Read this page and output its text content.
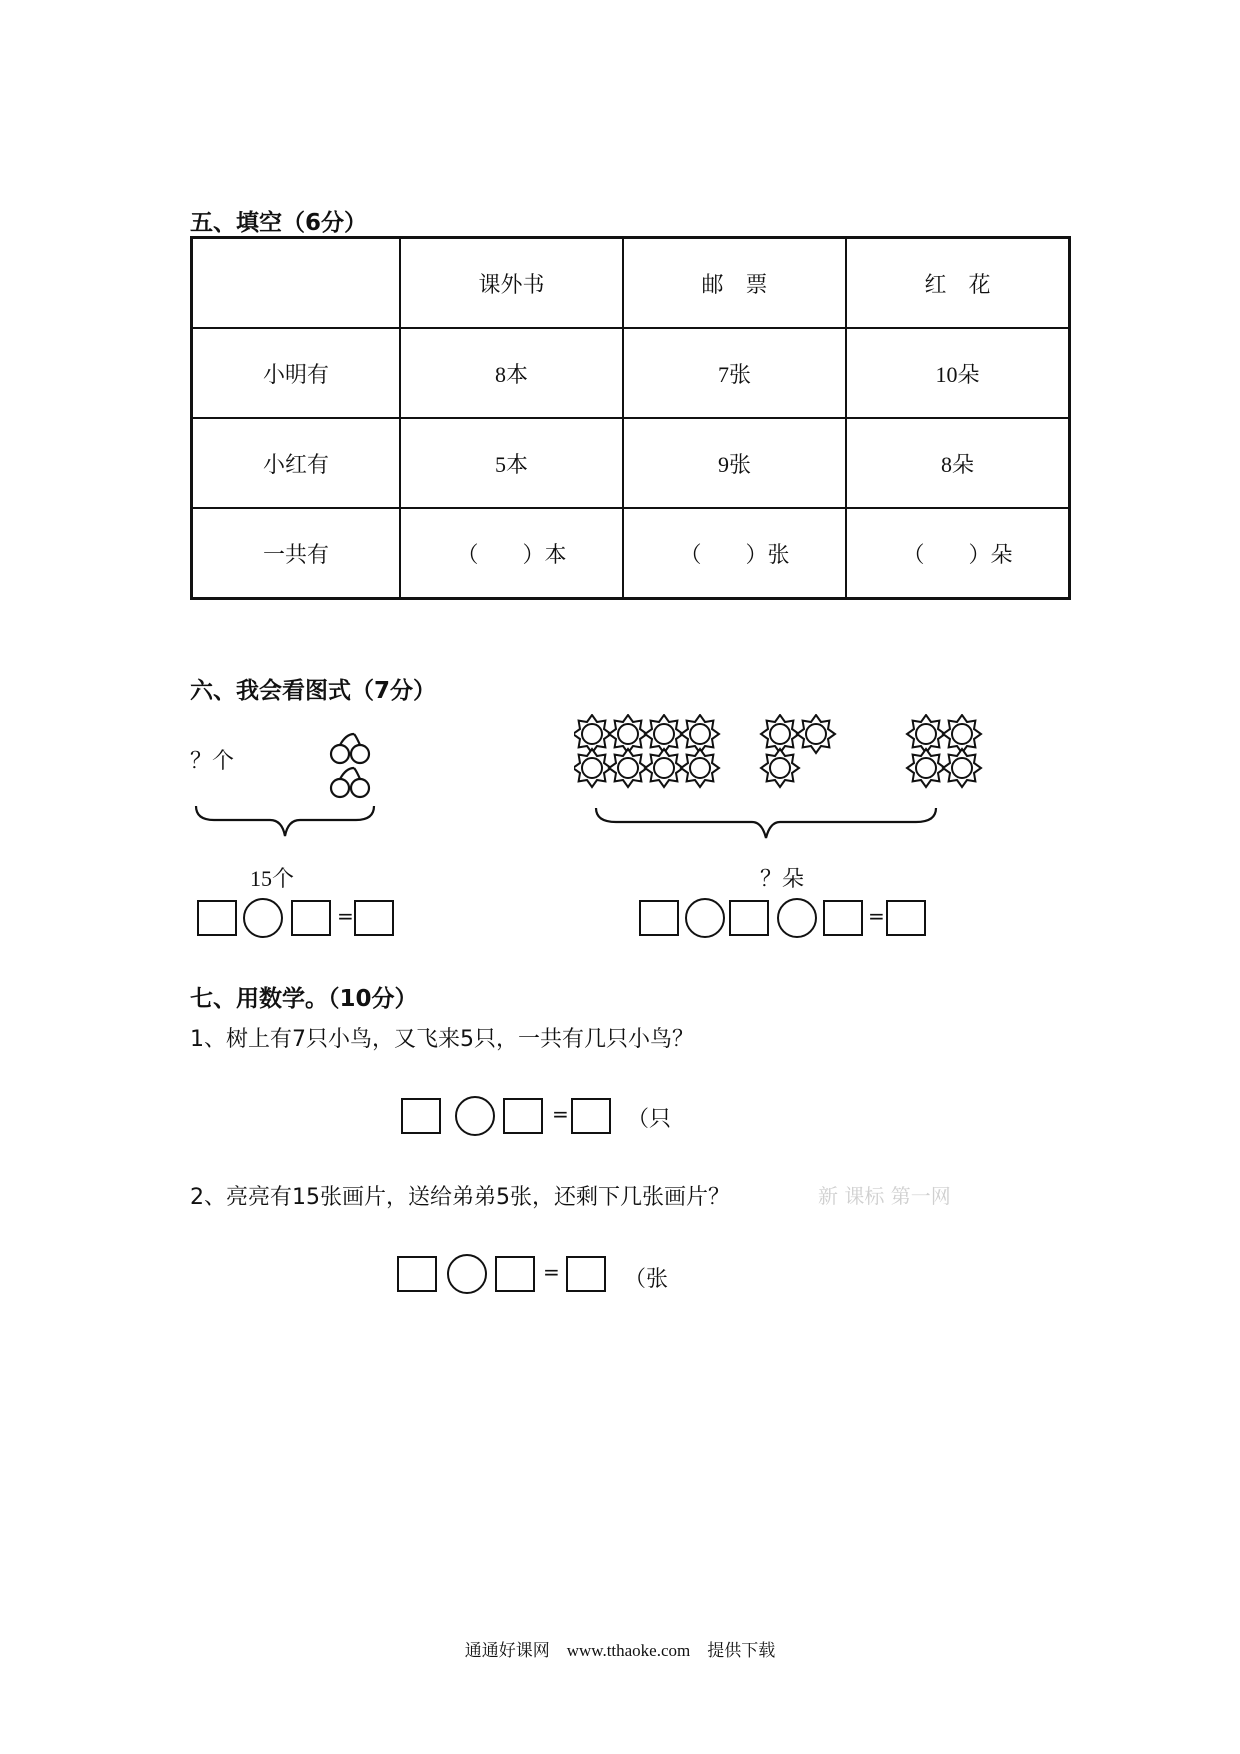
五、填空（6分）
	课外书	邮　票	红　花
小明有	8本	7张	10朵
小红有	5本	9张	8朵
一共有	（　　）本	（　　）张	（　　）朵
六、我会看图式（7分）
？个
15个
=
？朵
=
七、用数学。（10分）
1、树上有7只小鸟，又飞来5只，一共有几只小鸟？
=	（只
2、亮亮有15张画片，送给弟弟5张，还剩下几张画片？	新 课标 第一网
=	（张
通通好课网　www.tthaoke.com　提供下载
